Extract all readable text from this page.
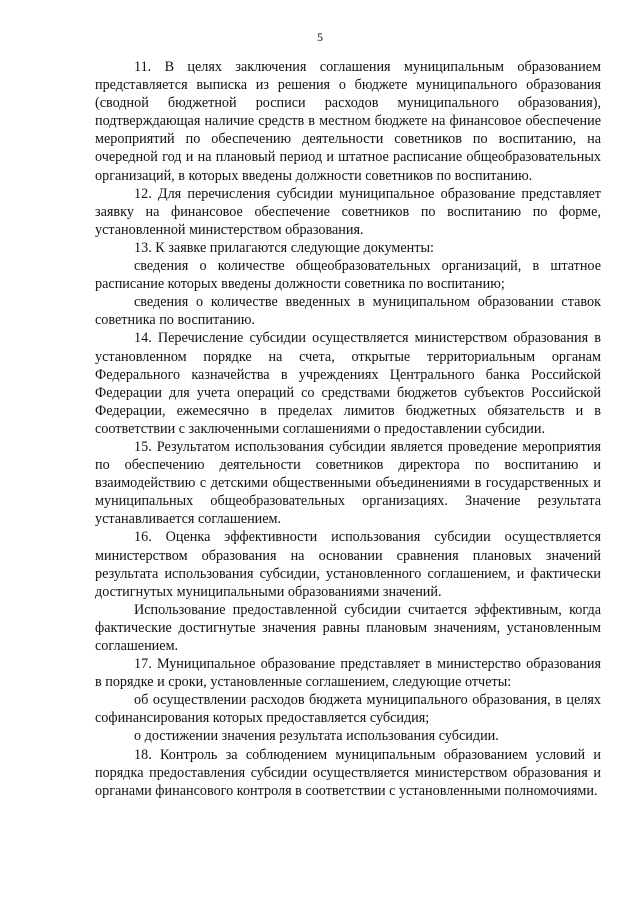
5

11. В целях заключения соглашения муниципальным образованием представляется выписка из решения о бюджете муниципального образования (сводной бюджетной росписи расходов муниципального образования), подтверждающая наличие средств в местном бюджете на финансовое обеспечение мероприятий по обеспечению деятельности советников по воспитанию, на очередной год и на плановый период и штатное расписание общеобразовательных организаций, в которых введены должности советников по воспитанию.

12. Для перечисления субсидии муниципальное образование представляет заявку на финансовое обеспечение советников по воспитанию по форме, установленной министерством образования.

13. К заявке прилагаются следующие документы:

сведения о количестве общеобразовательных организаций, в штатное расписание которых введены должности советника по воспитанию;

сведения о количестве введенных в муниципальном образовании ставок советника по воспитанию.

14. Перечисление субсидии осуществляется министерством образования в установленном порядке на счета, открытые территориальным органам Федерального казначейства в учреждениях Центрального банка Российской Федерации для учета операций со средствами бюджетов субъектов Российской Федерации, ежемесячно в пределах лимитов бюджетных обязательств и в соответствии с заключенными соглашениями о предоставлении субсидии.

15. Результатом использования субсидии является проведение мероприятия по обеспечению деятельности советников директора по воспитанию и взаимодействию с детскими общественными объединениями в государственных и муниципальных общеобразовательных организациях. Значение результата устанавливается соглашением.

16. Оценка эффективности использования субсидии осуществляется министерством образования на основании сравнения плановых значений результата использования субсидии, установленного соглашением, и фактически достигнутых муниципальными образованиями значений.

Использование предоставленной субсидии считается эффективным, когда фактические достигнутые значения равны плановым значениям, установленным соглашением.

17. Муниципальное образование представляет в министерство образования в порядке и сроки, установленные соглашением, следующие отчеты:

об осуществлении расходов бюджета муниципального образования, в целях софинансирования которых предоставляется субсидия;

о достижении значения результата использования субсидии.

18. Контроль за соблюдением муниципальным образованием условий и порядка предоставления субсидии осуществляется министерством образования и органами финансового контроля в соответствии с установленными полномочиями.
